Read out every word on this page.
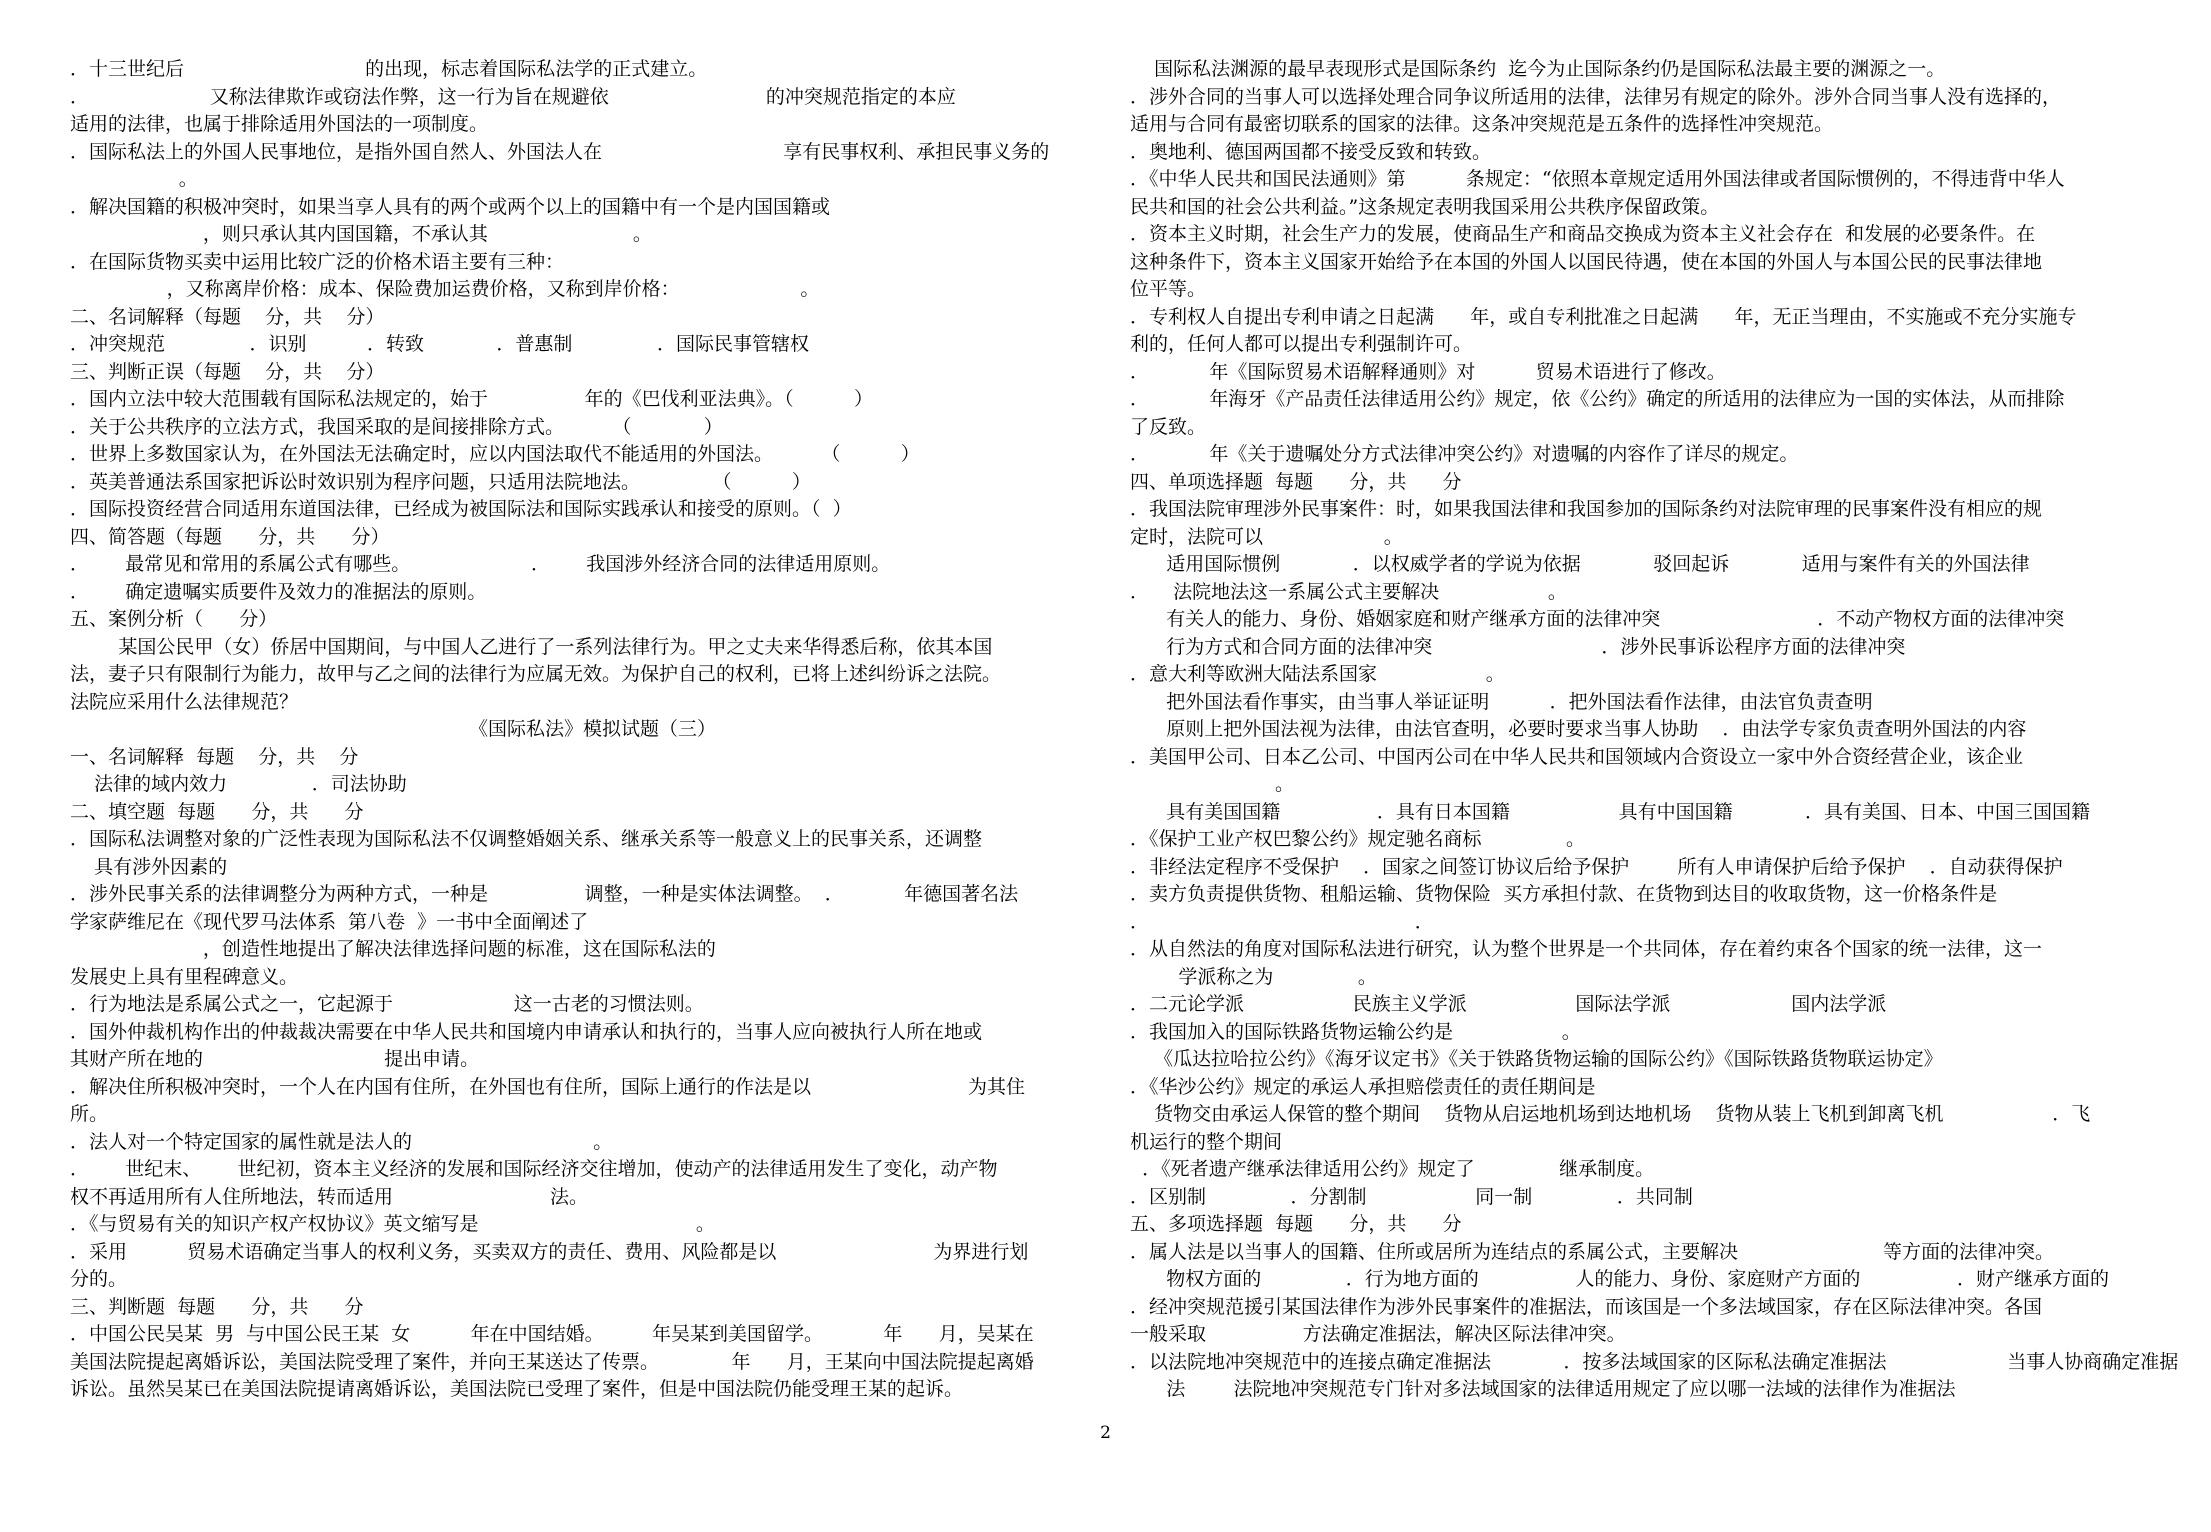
．十三世纪后                              的出现，标志着国际私法学的正式建立。
．                    又称法律欺诈或窃法作弊，这一行为旨在规避依                          的冲突规范指定的本应
适用的法律，也属于排除适用外国法的一项制度。
．国际私法上的外国人民事地位，是指外国自然人、外国法人在                              享有民事权利、承担民事义务的
。
．解决国籍的积极冲突时，如果当享人具有的两个或两个以上的国籍中有一个是内国国籍或
，则只承认其内国国籍，不承认其                        。
．在国际货物买卖中运用比较广泛的价格术语主要有三种：
，又称离岸价格：成本、保险费加运费价格，又称到岸价格：                    。
二、名词解释（每题    分，共    分）
．冲突规范              ．识别          ．转致            ．普惠制              ．国际民事管辖权
三、判断正误（每题    分，共    分）
．国内立法中较大范围载有国际私法规定的，始于                年的《巴伐利亚法典》。（          ）
．关于公共秩序的立法方式，我国采取的是间接排除方式。        （            ）
．世界上多数国家认为，在外国法无法确定时，应以内国法取代不能适用的外国法。        （          ）
．英美普通法系国家把诉讼时效识别为程序问题，只适用法院地法。            （          ）
．国际投资经营合同适用东道国法律，已经成为被国际法和国际实践承认和接受的原则。（  ）
四、简答题（每题      分，共      分）
．      最常见和常用的系属公式有哪些。                    ．      我国涉外经济合同的法律适用原则。
．      确定遗嘱实质要件及效力的准据法的原则。
五、案例分析（      分）
某国公民甲（女）侨居中国期间，与中国人乙进行了一系列法律行为。甲之丈夫来华得悉后称，依其本国
法，妻子只有限制行为能力，故甲与乙之间的法律行为应属无效。为保护自己的权利，已将上述纠纷诉之法院。
法院应采用什么法律规范？
《国际私法》模拟试题（三）
一、名词解释  每题    分，共    分
法律的域内效力              ．司法协助
二、填空题  每题      分，共      分
．国际私法调整对象的广泛性表现为国际私法不仅调整婚姻关系、继承关系等一般意义上的民事关系，还调整
具有涉外因素的
．涉外民事关系的法律调整分为两种方式，一种是                调整，一种是实体法调整。  ．          年德国著名法
学家萨维尼在《现代罗马法体系  第八卷  》一书中全面阐述了
，创造性地提出了解决法律选择问题的标准，这在国际私法的
发展史上具有里程碑意义。
．行为地法是系属公式之一，它起源于                    这一古老的习惯法则。
．国外仲裁机构作出的仲裁裁决需要在中华人民共和国境内申请承认和执行的，当事人应向被执行人所在地或
其财产所在地的                              提出申请。
．解决住所积极冲突时，一个人在内国有住所，在外国也有住所，国际上通行的作法是以                          为其住
所。
．法人对一个特定国家的属性就是法人的                              。
．      世纪末、      世纪初，资本主义经济的发展和国际经济交往增加，使动产的法律适用发生了变化，动产物
权不再适用所有人住所地法，转而适用                          法。
．《与贸易有关的知识产权产权协议》英文缩写是                                    。
．采用          贸易术语确定当事人的权利义务，买卖双方的责任、费用、风险都是以                          为界进行划
分的。
三、判断题  每题      分，共      分
．中国公民吴某  男  与中国公民王某  女          年在中国结婚。        年吴某到美国留学。          年      月，吴某在
美国法院提起离婚诉讼，美国法院受理了案件，并向王某送达了传票。            年      月，王某向中国法院提起离婚
诉讼。虽然吴某已在美国法院提请离婚诉讼，美国法院已受理了案件，但是中国法院仍能受理王某的起诉。
国际私法渊源的最早表现形式是国际条约  迄今为止国际条约仍是国际私法最主要的渊源之一。
．涉外合同的当事人可以选择处理合同争议所适用的法律，法律另有规定的除外。涉外合同当事人没有选择的，
适用与合同有最密切联系的国家的法律。这条冲突规范是五条件的选择性冲突规范。
．奥地利、德国两国都不接受反致和转致。
．《中华人民共和国民法通则》第          条规定：“依照本章规定适用外国法律或者国际惯例的，不得违背中华人
民共和国的社会公共利益。”这条规定表明我国采用公共秩序保留政策。
．资本主义时期，社会生产力的发展，使商品生产和商品交换成为资本主义社会存在  和发展的必要条件。在
这种条件下，资本主义国家开始给予在本国的外国人以国民待遇，使在本国的外国人与本国公民的民事法律地
位平等。
．专利权人自提出专利申请之日起满      年，或自专利批准之日起满      年，无正当理由，不实施或不充分实施专
利的，任何人都可以提出专利强制许可。
．          年《国际贸易术语解释通则》对          贸易术语进行了修改。
．          年海牙《产品责任法律适用公约》规定，依《公约》确定的所适用的法律应为一国的实体法，从而排除
了反致。
．          年《关于遗嘱处分方式法律冲突公约》对遗嘱的内容作了详尽的规定。
四、单项选择题  每题      分，共      分
．我国法院审理涉外民事案件：时，如果我国法律和我国参加的国际条约对法院审理的民事案件没有相应的规
定时，法院可以                    。
适用国际惯例            ．以权威学者的学说为依据            驳回起诉            适用与案件有关的外国法律
．    法院地法这一系属公式主要解决                  。
有关人的能力、身份、婚姻家庭和财产继承方面的法律冲突                          ．不动产物权方面的法律冲突
行为方式和合同方面的法律冲突                            ．涉外民事诉讼程序方面的法律冲突
．意大利等欧洲大陆法系国家                  。
把外国法看作事实，由当事人举证证明          ．把外国法看作法律，由法官负责查明
原则上把外国法视为法律，由法官查明，必要时要求当事人协助    ．由法学专家负责查明外国法的内容
．美国甲公司、日本乙公司、中国丙公司在中华人民共和国领域内合资设立一家中外合资经营企业，该企业
。
具有美国国籍                ．具有日本国籍                  具有中国国籍            ．具有美国、日本、中国三国国籍
．《保护工业产权巴黎公约》规定驰名商标              。
．非经法定程序不受保护    ．国家之间签订协议后给予保护        所有人申请保护后给予保护    ．自动获得保护
．卖方负责提供货物、租船运输、货物保险  买方承担付款、在货物到达目的收取货物，这一价格条件是
．                                            ．
．从自然法的角度对国际私法进行研究，认为整个世界是一个共同体，存在着约束各个国家的统一法律，这一
学派称之为              。
．二元论学派                  民族主义学派                  国际法学派                    国内法学派
．我国加入的国际铁路货物运输公约是                  。
《瓜达拉哈拉公约》《海牙议定书》《关于铁路货物运输的国际公约》《国际铁路货物联运协定》
．《华沙公约》规定的承运人承担赔偿责任的责任期间是
货物交由承运人保管的整个期间    货物从启运地机场到达地机场    货物从装上飞机到卸离飞机                  ．飞
机运行的整个期间
．《死者遗产继承法律适用公约》规定了              继承制度。
．区别制              ．分割制                  同一制              ．共同制
五、多项选择题  每题      分，共      分
．属人法是以当事人的国籍、住所或居所为连结点的系属公式，主要解决                        等方面的法律冲突。
物权方面的              ．行为地方面的                人的能力、身份、家庭财产方面的                ．财产继承方面的
．经冲突规范援引某国法律作为涉外民事案件的准据法，而该国是一个多法域国家，存在区际法律冲突。各国
一般采取                方法确定准据法，解决区际法律冲突。
．以法院地冲突规范中的连接点确定准据法            ．按多法域国家的区际私法确定准据法                    当事人协商确定准据
法        法院地冲突规范专门针对多法域国家的法律适用规定了应以哪一法域的法律作为准据法
2
